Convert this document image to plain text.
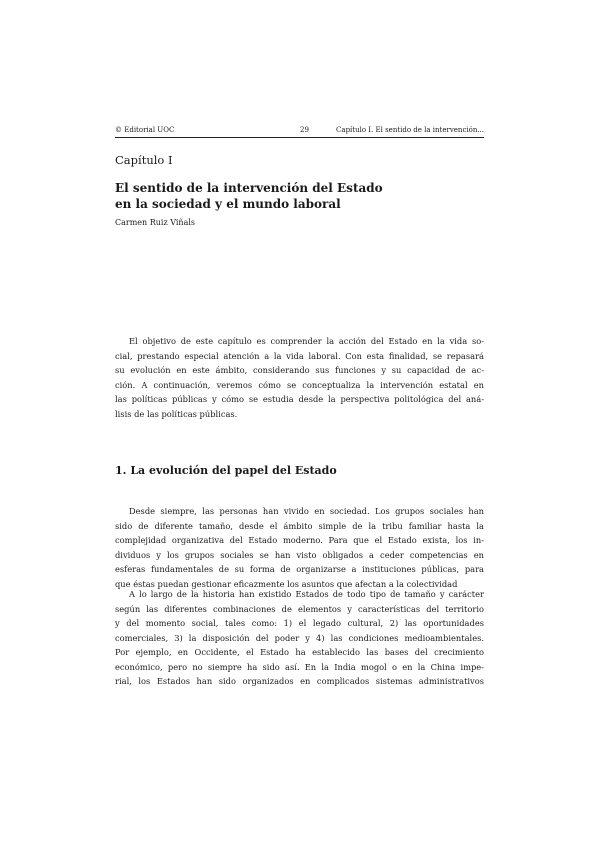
© Editorial UOC	29	Capítulo I. El sentido de la intervención...
Capítulo I
El sentido de la intervención del Estado
en la sociedad y el mundo laboral
Carmen Ruiz Viñals
El objetivo de este capítulo es comprender la acción del Estado en la vida so-
cial, prestando especial atención a la vida laboral. Con esta finalidad, se repasará
su evolución en este ámbito, considerando sus funciones y su capacidad de ac-
ción. A continuación, veremos cómo se conceptualiza la intervención estatal en
las políticas públicas y cómo se estudia desde la perspectiva politológica del aná-
lisis de las políticas públicas.
1. La evolución del papel del Estado
Desde siempre, las personas han vivido en sociedad. Los grupos sociales han
sido de diferente tamaño, desde el ámbito simple de la tribu familiar hasta la
complejidad organizativa del Estado moderno. Para que el Estado exista, los in-
dividuos y los grupos sociales se han visto obligados a ceder competencias en
esferas fundamentales de su forma de organizarse a instituciones públicas, para
que éstas puedan gestionar eficazmente los asuntos que afectan a la colectividad
A lo largo de la historia han existido Estados de todo tipo de tamaño y carácter
según las diferentes combinaciones de elementos y características del territorio
y del momento social, tales como: 1) el legado cultural, 2) las oportunidades
comerciales, 3) la disposición del poder y 4) las condiciones medioambientales.
Por ejemplo, en Occidente, el Estado ha establecido las bases del crecimiento
económico, pero no siempre ha sido así. En la India mogol o en la China impe-
rial, los Estados han sido organizados en complicados sistemas administrativos
